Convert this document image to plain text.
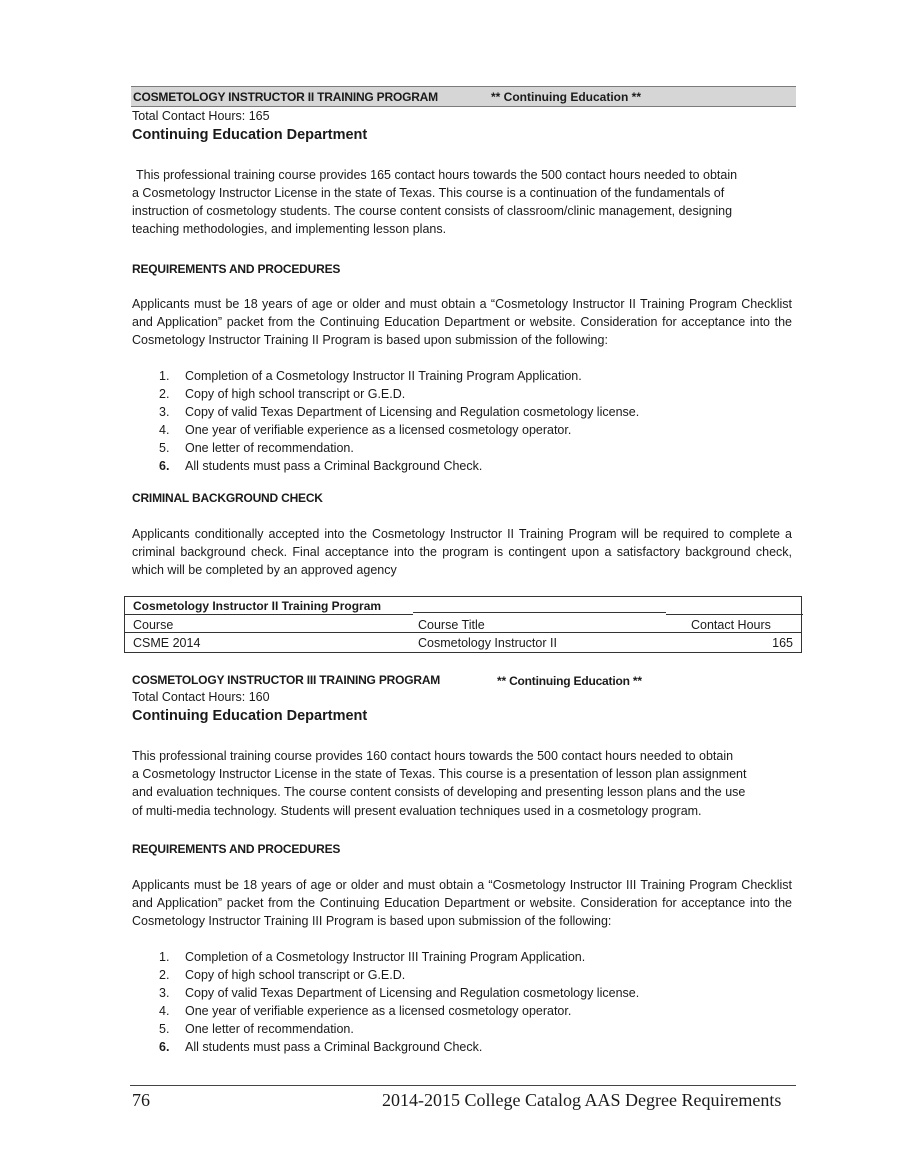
COSMETOLOGY INSTRUCTOR II TRAINING PROGRAM	** Continuing Education **
Total Contact Hours: 165
Continuing Education Department
This professional training course provides 165 contact hours towards the 500 contact hours needed to obtain
a Cosmetology Instructor License in the state of Texas. This course is a continuation of the fundamentals of
instruction of cosmetology students. The course content consists of classroom/clinic management, designing
teaching methodologies, and implementing lesson plans.
REQUIREMENTS AND PROCEDURES

Applicants must be 18 years of age or older and must obtain a “Cosmetology Instructor II Training Program Checklist and Application” packet from the Continuing Education Department or website. Consideration for acceptance into the Cosmetology Instructor Training II Program is based upon submission of the following:

1. Completion of a Cosmetology Instructor II Training Program Application.
2. Copy of high school transcript or G.E.D.
3. Copy of valid Texas Department of Licensing and Regulation cosmetology license.
4. One year of verifiable experience as a licensed cosmetology operator.
5. One letter of recommendation.
6. All students must pass a Criminal Background Check.
CRIMINAL BACKGROUND CHECK

Applicants conditionally accepted into the Cosmetology Instructor II Training Program will be required to complete a criminal background check. Final acceptance into the program is contingent upon a satisfactory background check, which will be completed by an approved agency

Cosmetology Instructor II Training Program
Course	Course Title	Contact Hours
CSME 2014	Cosmetology Instructor II	165
COSMETOLOGY INSTRUCTOR III TRAINING PROGRAM	** Continuing Education **
Total Contact Hours: 160
Continuing Education Department
This professional training course provides 160 contact hours towards the 500 contact hours needed to obtain
a Cosmetology Instructor License in the state of Texas. This course is a presentation of lesson plan assignment
and evaluation techniques. The course content consists of developing and presenting lesson plans and the use
of multi-media technology. Students will present evaluation techniques used in a cosmetology program.
REQUIREMENTS AND PROCEDURES

Applicants must be 18 years of age or older and must obtain a “Cosmetology Instructor III Training Program Checklist and Application” packet from the Continuing Education Department or website. Consideration for acceptance into the Cosmetology Instructor Training III Program is based upon submission of the following:

1. Completion of a Cosmetology Instructor III Training Program Application.
2. Copy of high school transcript or G.E.D.
3. Copy of valid Texas Department of Licensing and Regulation cosmetology license.
4. One year of verifiable experience as a licensed cosmetology operator.
5. One letter of recommendation.
6. All students must pass a Criminal Background Check.
76	2014-2015 College Catalog AAS Degree Requirements
